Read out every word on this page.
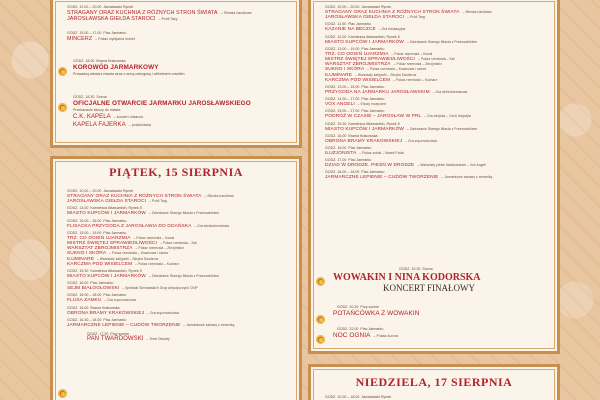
GODZ. 12.00 – 20.00 Jarosławski Rynek
STRAGANY ORAZ KUCHNIA Z RÓŻNYCH STRON ŚWIATA – Sfinska handlowe
JAROSŁAWSKA GIEŁDA STAROCI – Pchli Targ
GODZ. 15.00 – 17.00 Plac Jarmarku
MINCERZ – Pokaz wybijania monet
GODZ. 18.00 Brama Krakowska
KOROWÓD JARMARKOWY
Prowadzą włodarz miasta wraz z anną ostrogską i wilhelmem orsettim
GODZ. 18.30 Scena
OFICJALNE OTWARCIE JARMARKU JAROSŁAWSKIEGO
Przekazanie kluczy do miasta
C.K. KAPELA – koncert otwarcia
KAPELA FAJERKA – potańcówka
PIĄTEK, 15 SIERPNIA
GODZ. 10.00 – 20.00 Jarosławski Rynek
STRAGANY ORAZ KUCHNIA Z RÓŻNYCH STRON ŚWIATA – Sfinska handlowe
JAROSŁAWSKA GIEŁDA STAROCI – Pchli Targ
GODZ. 13.00 Kamienica Attawantich, Rynek 5
MIASTO KUPCÓW I JARMARKÓW – Zwiedzanie Starego Miasta z Przewodnikiem
GODZ. 15.00 – 18.00 Plac Jarmarku
FLISACKA PRZYGODA Z JAROSŁAWIA DO GDAŃSKA – Gra wielkoformatowa
GODZ. 15.00 – 19.00 Plac Jarmarku
TRZ. CO OGIEŃ UJARZMIA – Pokaz rzemiosła – Kowal
MISTRZ ŚWIĘTEJ SPRAWIEDLIWOŚCI – Pokaz rzemiosła – Kat
WARSZTAT ZBROJMISTRZA – Pokaz rzemiosła – Zbrojmistrz
SUKNO I SKÓRA – Pokaz rzemiosła – Krawcowa i szewc
ILUMINARE – Warsztaty kaligrafii – Skryba Sanderus
KARCZMA POD WISIELCEM – Pokaz rzemiosła – Kucharz
GODZ. 15.30 Kamienica Attawantich, Rynek 5
MIASTO KUPCÓW I JARMARKÓW – Zwiedzanie Starego Miasta z Przewodnikiem
GODZ. 16.00 Plac Jarmarku
SEJM BIAŁOGŁOWSKI – Spektakl Sieniawskich Grup Artystycznych CKiP
GODZ. 16.00 – 18.00 Plac Jarmarku
FLUSA ZAMKU – Gra zręcznościowa
GODZ. 16.00 Brama Krakowska
OBRONA BRAMY KRAKOWSKIEJ – Gra zręcznościowa
GODZ. 16.30 – 18.30 Plac Jarmarku
JARMARCZNE LEPIENIE – CUDÓW TWORZENIE – Jarmarkowe zabawy z ceramiką
GODZ. 17.30 Przy scenie
PAN TWARDOWSKI – Teatr Otwarty
GODZ. 10.00 – 20.00 Jarosławski Rynek
STRAGANY ORAZ KUCHNIA Z RÓŻNYCH STRON ŚWIATA – Sfinska handlowe
JAROSŁAWSKA GIEŁDA STAROCI – Pchli Targ
GODZ. 11.00 Plac Jarmarku
KAZANIE NA BECZCE – Gra edukacyjna
GODZ. 12.00 Kamienica Attawantich, Rynek 5
MIASTO KUPCÓW I JARMARKÓW – Zwiedzanie Starego Miasta z Przewodnikiem
GODZ. 13.00 – 19.00 Plac Jarmarku
TRZ. CO OGIEŃ UJARZMIA – Pokaz rzemiosła – Kowal
MISTRZ ŚWIĘTEJ SPRAWIEDLIWOŚCI – Pokaz rzemiosła – Kat
WARSZTAT ZBROJMISTRZA – Pokaz rzemiosła – Zbrojmistrz
SUKNO I SKÓRA – Pokaz rzemiosła – Krawcowa i szewc
ILUMINARE – Warsztaty kaligrafii – Skryba Sanderus
KARCZMA POD WISIELCEM – Pokaz rzemiosła – Kucharz
GODZ. 13.00 – 15.00 Plac Jarmarku
PRZYGODA NA JARMARKU JAROSŁAWSKIM – Gra wielkoformatowa
GODZ. 14.00 – 17.00 Plac Jarmarku
VOX ANGELI – Etiudy muzyczne
GODZ. 15.00 – 17.00 Plac Jarmarku
PODRÓŻ W CZASIE – JAROSŁAW W PRL – Gra miejska – Cech Inicjatyw
GODZ. 15.30 Kamienica Attawantich, Rynek 5
MIASTO KUPCÓW I JARMARKÓW – Zwiedzanie Starego Miasta z Przewodnikiem
GODZ. 16.00 Brama Krakowska
OBRONA BRAMY KRAKOWSKIEJ – Gra zręcznościowa
GODZ. 16.00 Plac Jarmarku
ILUZJONISTA – Pokaz sztuki – Marek Polak
GODZ. 17.00 Plac Jarmarku
DZIAD W DRODZE. PIEŚŃ W DRODZE – Warsztaty pieśni dziadowskich – Vox Angeli
GODZ. 16.00 – 18.00 Plac Jarmarku
JARMARCZNE LEPIENIE – CUDÓW TWORZENIE – Jarmarkowe zabawy z ceramiką
GODZ. 19.30 Scena
WOWAKIN I NINA KODORSKA
KONCERT FINAŁOWY
GODZ. 20.30 Przy scenie
POTAŃCÓWKA Z WOWAKIN
GODZ. 22.00 Plac Jarmarku
NOC OGNIA – Pokaz Aurora
NIEDZIELA, 17 SIERPNIA
GODZ. 10.00 – 18.00 Jarosławski Rynek
